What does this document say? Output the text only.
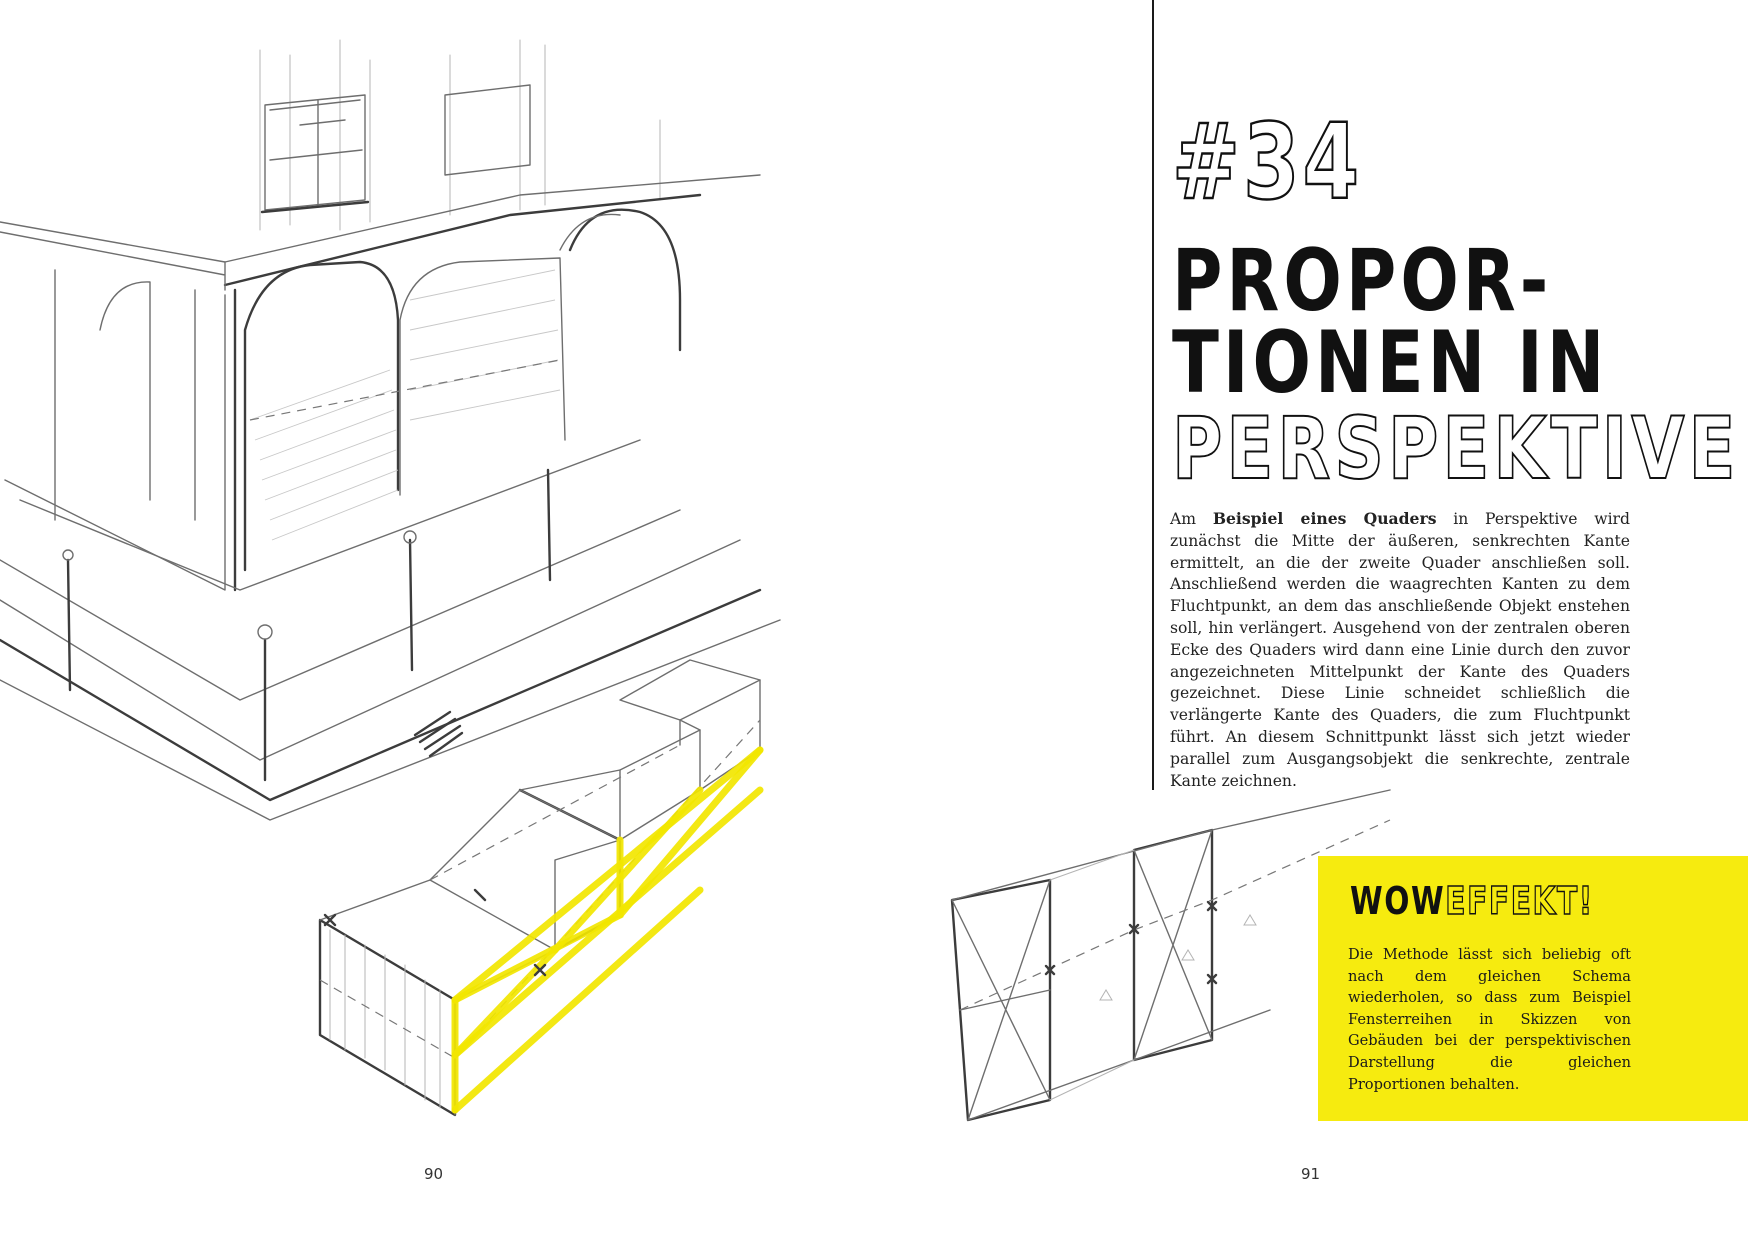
90
#34
PROPOR-
TIONEN IN
PERSPEKTIVE

Am Beispiel eines Quaders in Perspektive wird zunächst die Mitte der äußeren, senkrechten Kante ermittelt, an die der zweite Quader anschließen soll. Anschließend werden die waagrechten Kanten zu dem Fluchtpunkt, an dem das anschließende Objekt enstehen soll, hin verlängert. Ausgehend von der zentralen oberen Ecke des Quaders wird dann eine Linie durch den zuvor angezeichneten Mittelpunkt der Kante des Quaders gezeichnet. Diese Linie schneidet schließlich die verlängerte Kante des Quaders, die zum Fluchtpunkt führt. An diesem Schnittpunkt lässt sich jetzt wieder parallel zum Ausgangsobjekt die senkrechte, zentrale Kante zeichnen.

WOWEFFEKT!

Die Methode lässt sich beliebig oft nach dem gleichen Schema wiederholen, so dass zum Beispiel Fensterreihen in Skizzen von Gebäuden bei der perspektivischen Darstellung die gleichen Proportionen behalten.

91
